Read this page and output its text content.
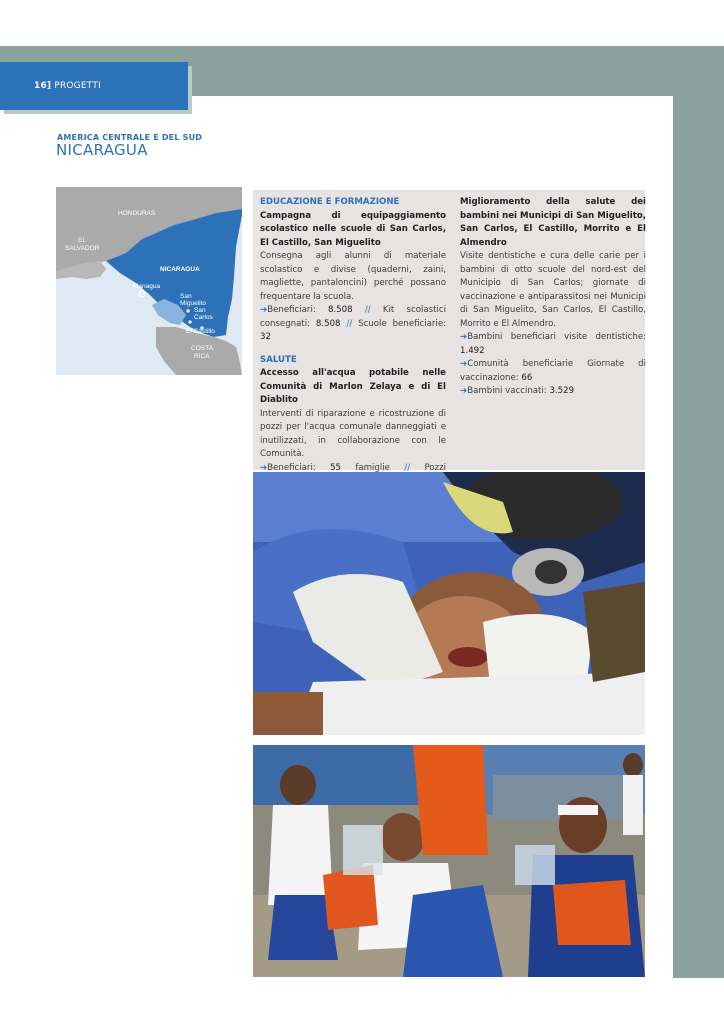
16] PROGETTI
AMERICA CENTRALE E DEL SUD
NICARAGUA
HONDURAS
EL
SALVADOR
NICARAGUA
Managua
San
Miguelito
San
Carlos
El Castillo
COSTA
RICA

EDUCAZIONE E FORMAZIONE

Campagna di equipaggiamento scolastico nelle scuole di San Carlos, El Castillo, San Miguelito

Consegna agli alunni di materiale scolastico e divise (quaderni, zaini, magliette, pantaloncini) perché possano frequentare la scuola.

➔Beneficiari: 8.508 // Kit scolastici consegnati: 8.508 // Scuole beneficiarie: 32

SALUTE

Accesso all'acqua potabile nelle Comunità di Marlon Zelaya e di El Diablito

Interventi di riparazione e ricostruzione di pozzi per l'acqua comunale danneggiati e inutilizzati, in collaborazione con le Comunità.

➔Beneficiari: 55 famiglie // Pozzi

Miglioramento della salute dei bambini nei Municipi di San Miguelito, San Carlos, El Castillo, Morrito e El Almendro

Visite dentistiche e cura delle carie per i bambini di otto scuole del nord-est del Municipio di San Carlos; giornate di vaccinazione e antiparassitosi nei Municipi di San Miguelito, San Carlos, El Castillo, Morrito e El Almendro.

➔Bambini beneficiari visite dentistiche: 1.492

➔Comunità beneficiarie Giornate di vaccinazione: 66

➔Bambini vaccinati: 3.529
